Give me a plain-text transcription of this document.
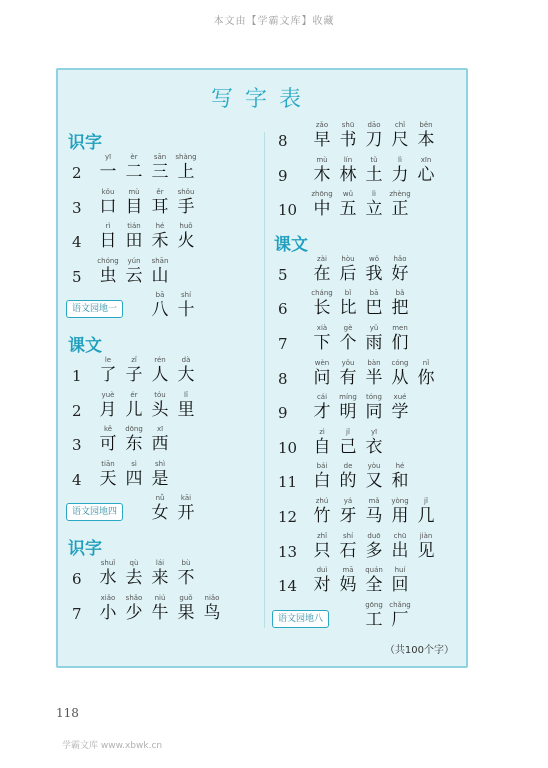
本文由【学霸文库】收藏
写字表
识字
2
yī
一
èr
二
sān
三
shàng
上
3
kǒu
口
mù
目
ěr
耳
shǒu
手
4
rì
日
tián
田
hé
禾
huǒ
火
5
chóng
虫
yún
云
shān
山
语文园地一
bā
八
shí
十
课文
1
le
了
zǐ
子
rén
人
dà
大
2
yuè
月
ér
儿
tóu
头
lǐ
里
3
kě
可
dōng
东
xī
西
4
tiān
天
sì
四
shì
是
语文园地四
nǚ
女
kāi
开
识字
6
shuǐ
水
qù
去
lái
来
bù
不
7
xiǎo
小
shǎo
少
niú
牛
guǒ
果
niǎo
鸟
8
zǎo
早
shū
书
dāo
刀
chǐ
尺
běn
本
9
mù
木
lín
林
tǔ
土
lì
力
xīn
心
10
zhōng
中
wǔ
五
lì
立
zhèng
正
课文
5
zài
在
hòu
后
wǒ
我
hǎo
好
6
cháng
长
bǐ
比
bā
巴
bǎ
把
7
xià
下
gè
个
yǔ
雨
men
们
8
wèn
问
yǒu
有
bàn
半
cóng
从
nǐ
你
9
cái
才
míng
明
tóng
同
xué
学
10
zì
自
jǐ
己
yī
衣
11
bái
白
de
的
yòu
又
hé
和
12
zhú
竹
yá
牙
mǎ
马
yòng
用
jǐ
几
13
zhǐ
只
shí
石
duō
多
chū
出
jiàn
见
14
duì
对
mā
妈
quán
全
huí
回
语文园地八
gōng
工
chǎng
厂
（共100个字）
118
学霸文库 www.xbwk.cn
